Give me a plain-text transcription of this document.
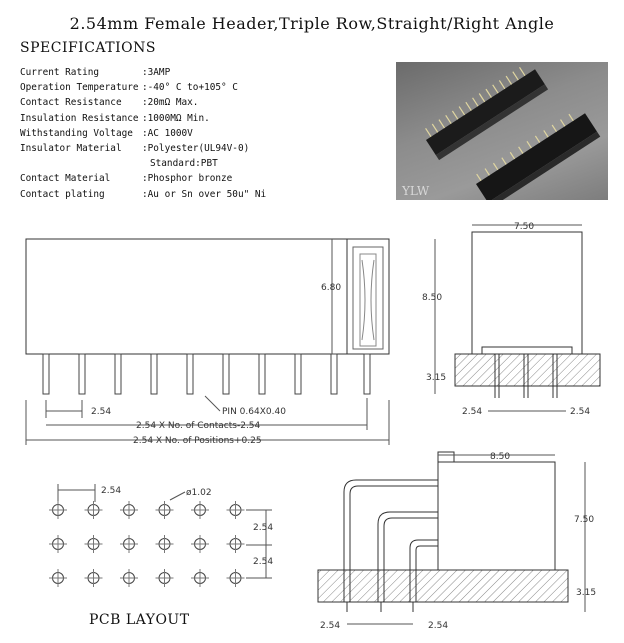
2.54mm Female Header,Triple Row,Straight/Right Angle
SPECIFICATIONS
Current Rating	:3AMP
Operation Temperature :-40° C to+105° C
Contact Resistance	:20mΩ Max.
Insulation Resistance :1000MΩ Min.
Withstanding Voltage :AC 1000V
Insulator Material	:Polyester(UL94V-0)
Standard:PBT
Contact Material	:Phosphor bronze
Contact plating	:Au or Sn over 50u" Ni	YLW
6.80
2.54	PIN 0.64X0.40
2.54 X No. of Contacts-2.54
2.54 X No. of Positions+0.25
7.50
8.50
3.15
2.54	2.54
8.50
7.50
3.15
2.54	2.54
2.54	ø1.02
2.54
2.54
PCB LAYOUT
